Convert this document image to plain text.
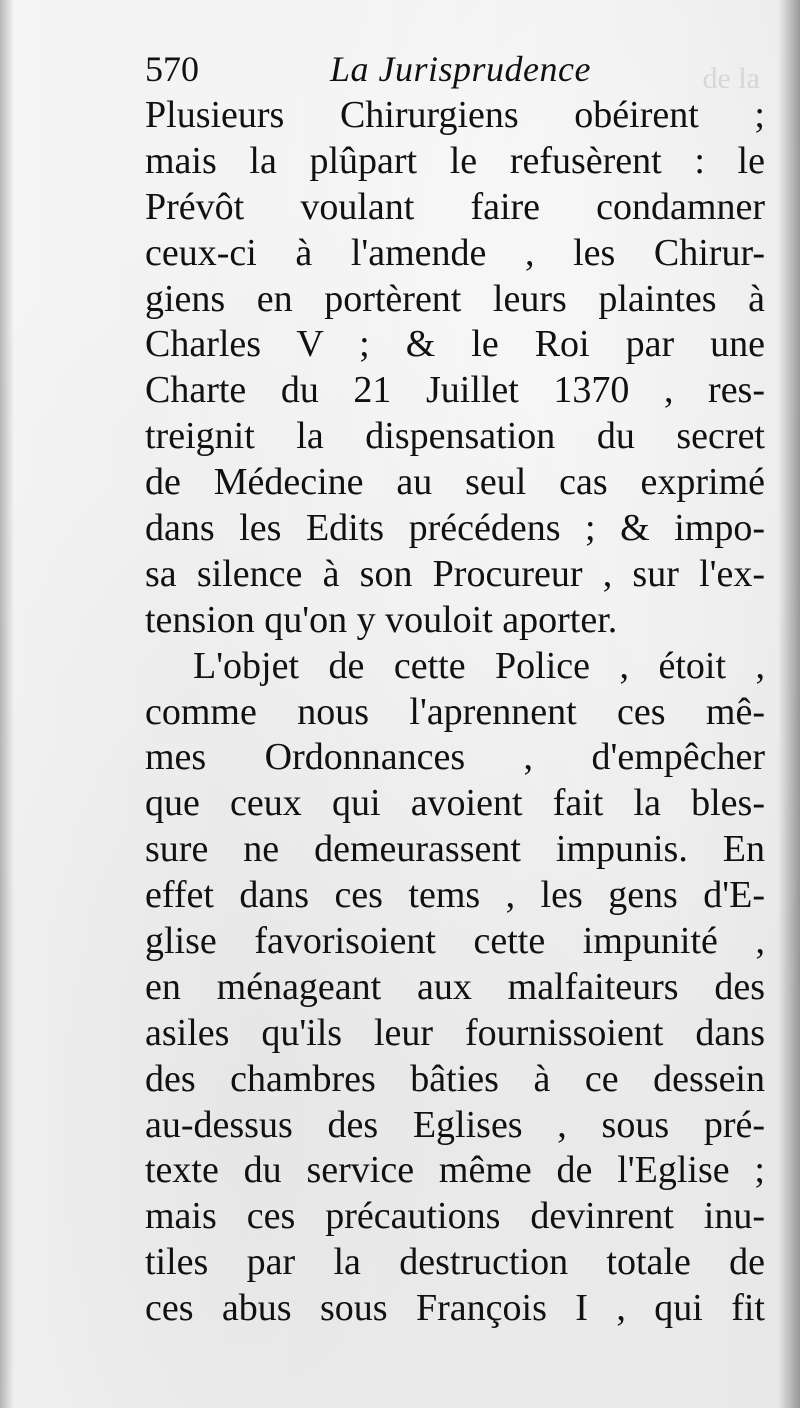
de la
570	La Jurisprudence
Plusieurs Chirurgiens obéirent ;
mais la plûpart le refusèrent : le
Prévôt voulant faire condamner
ceux-ci à l'amende , les Chirur-
giens en portèrent leurs plaintes à
Charles V ; & le Roi par une
Charte du 21 Juillet 1370 , res-
treignit la dispensation du secret
de Médecine au seul cas exprimé
dans les Edits précédens ; & impo-
sa silence à son Procureur , sur l'ex-
tension qu'on y vouloit aporter.
L'objet de cette Police , étoit ,
comme nous l'aprennent ces mê-
mes Ordonnances , d'empêcher
que ceux qui avoient fait la bles-
sure ne demeurassent impunis. En
effet dans ces tems , les gens d'E-
glise favorisoient cette impunité ,
en ménageant aux malfaiteurs des
asiles qu'ils leur fournissoient dans
des chambres bâties à ce dessein
au-dessus des Eglises , sous pré-
texte du service même de l'Eglise ;
mais ces précautions devinrent inu-
tiles par la destruction totale de
ces abus sous François I , qui fit
